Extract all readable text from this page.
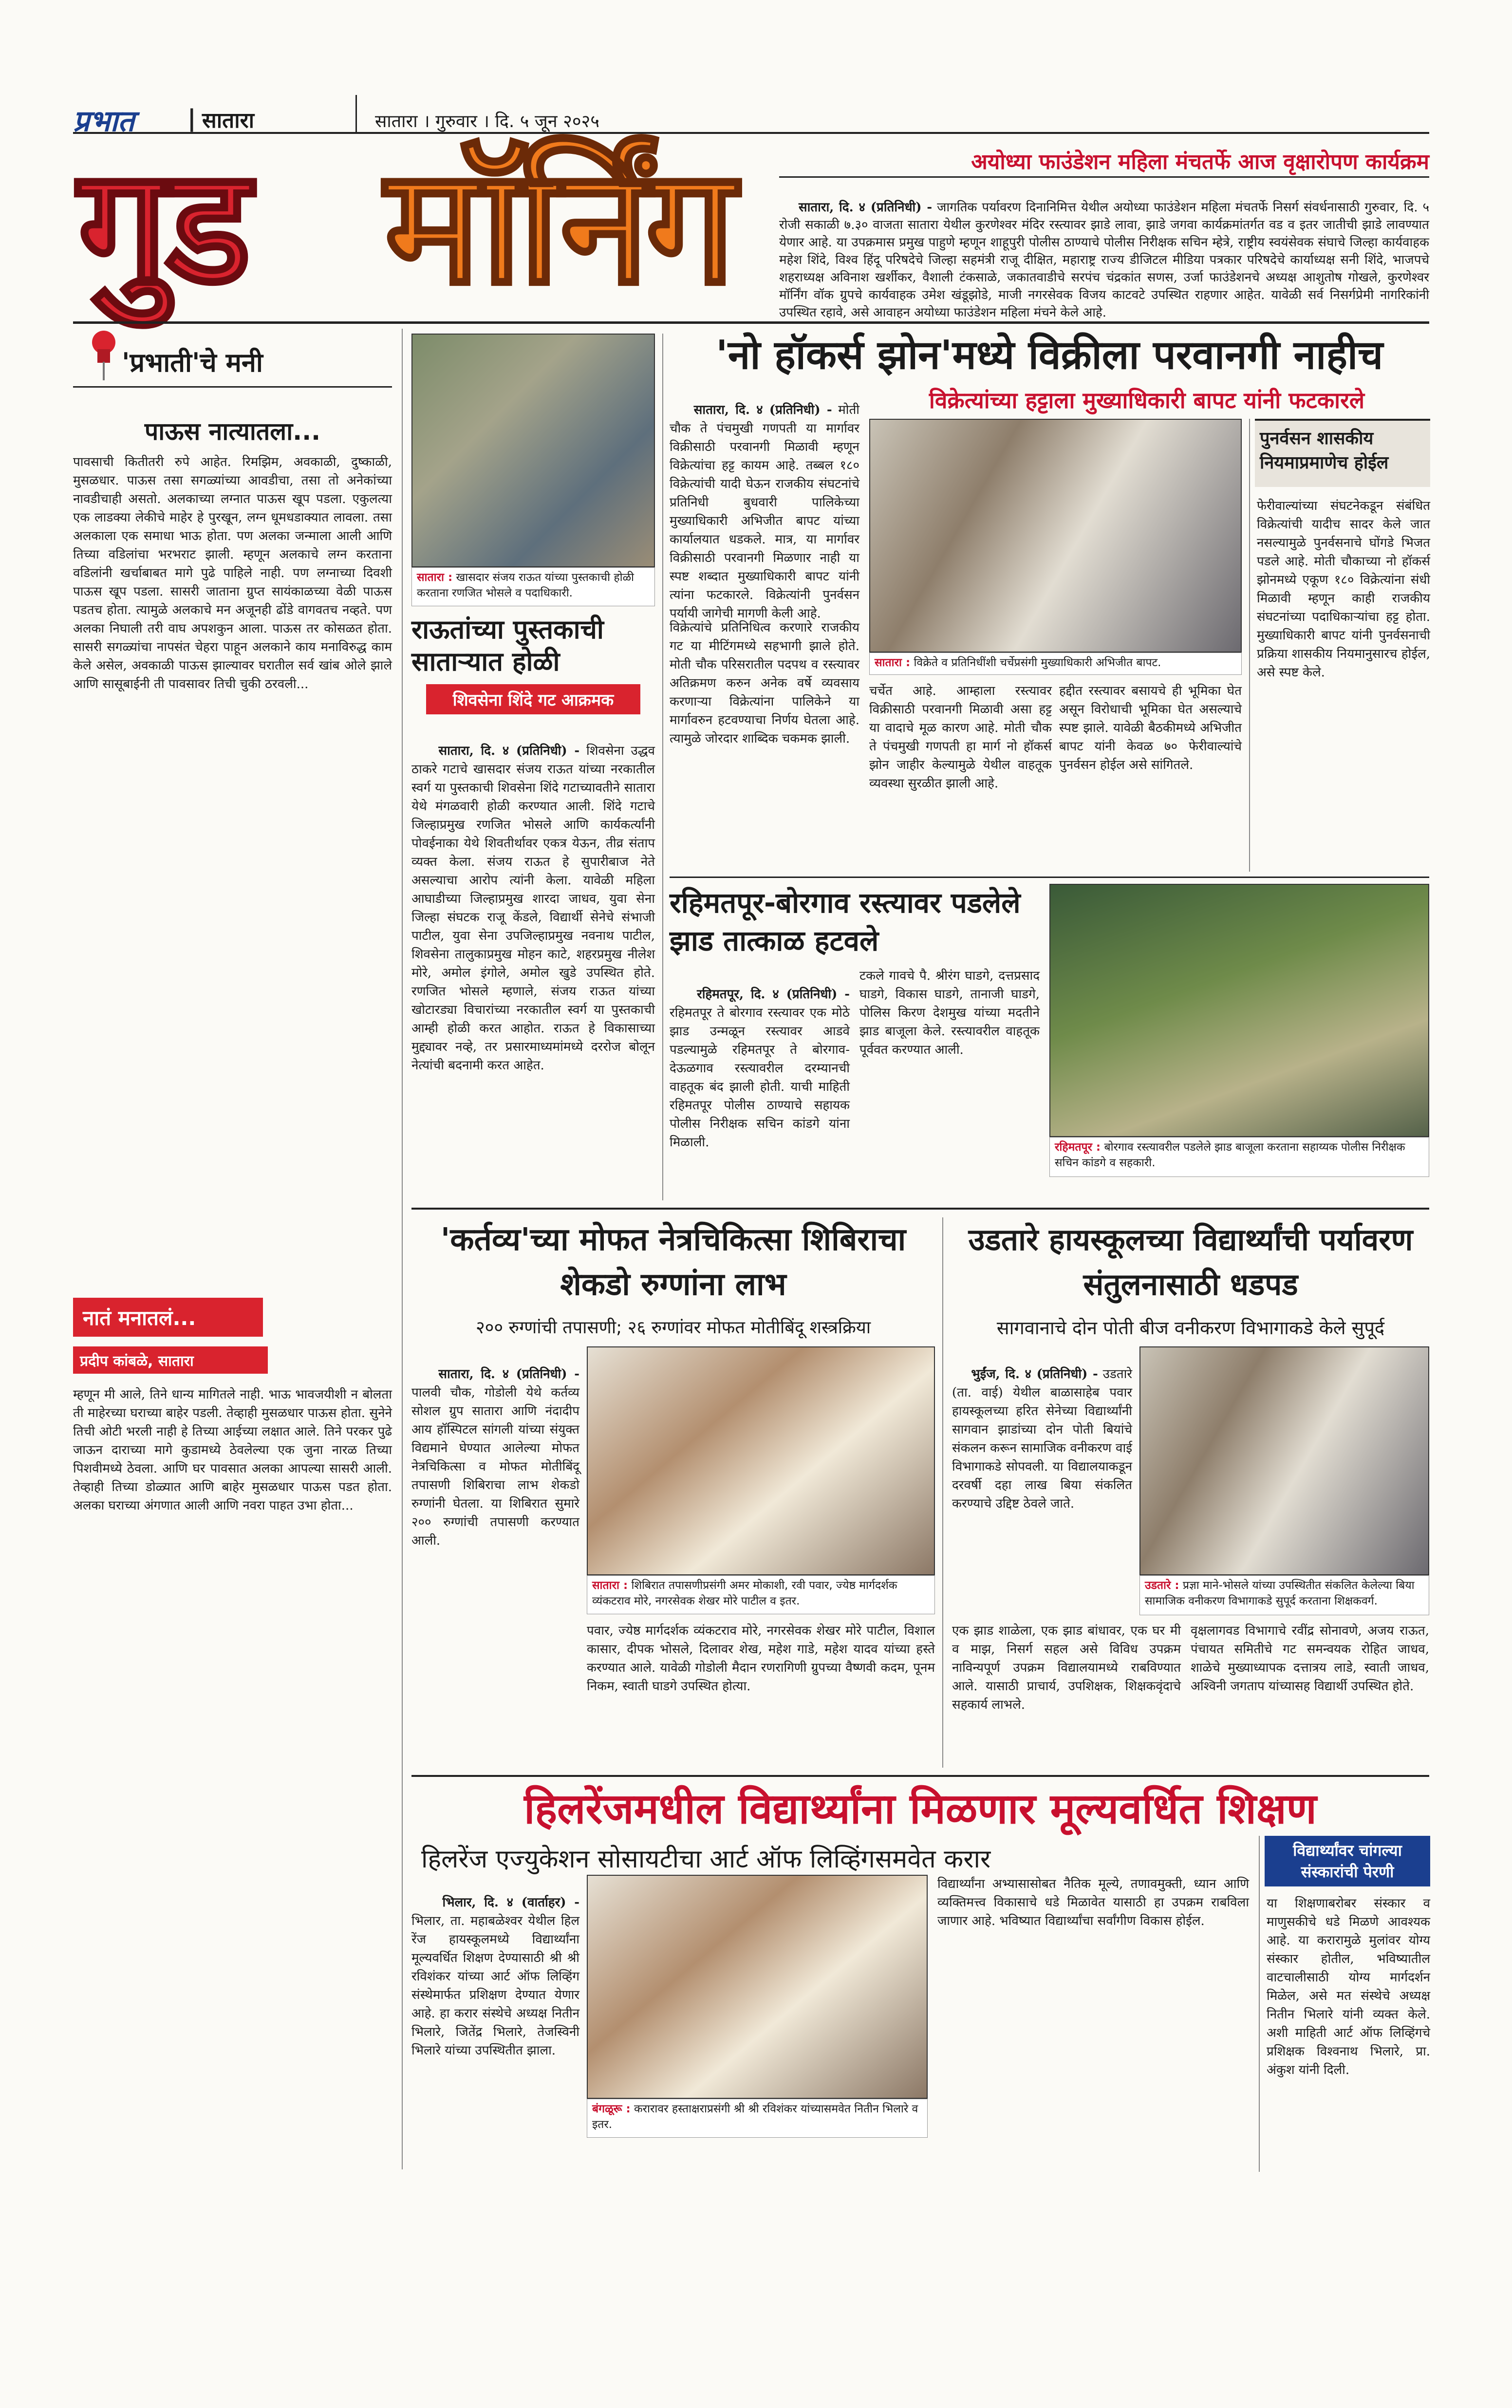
प्रभात | सातारा	सातारा । गुरुवार । दि. ५ जून २०२५
गुड मॉर्निंग	अयोध्या फाउंडेशन महिला मंचतर्फे आज वृक्षारोपण कार्यक्रम

सातारा, दि. ४ (प्रतिनिधी) - जागतिक पर्यावरण दिनानिमित्त येथील अयोध्या फाउंडेशन महिला मंचतर्फे निसर्ग संवर्धनासाठी गुरुवार, दि. ५ रोजी सकाळी ७.३० वाजता सातारा येथील कुरणेश्वर मंदिर रस्त्यावर झाडे लावा, झाडे जगवा कार्यक्रमांतर्गत वड व इतर जातीची झाडे लावण्यात येणार आहे. या उपक्रमास प्रमुख पाहुणे म्हणून शाहूपुरी पोलीस ठाण्याचे पोलीस निरीक्षक सचिन म्हेत्रे, राष्ट्रीय स्वयंसेवक संघाचे जिल्हा कार्यवाहक महेश शिंदे, विश्व हिंदू परिषदेचे जिल्हा सहमंत्री राजू दीक्षित, महाराष्ट्र राज्य डीजिटल मीडिया पत्रकार परिषदेचे कार्याध्यक्ष सनी शिंदे, भाजपचे शहराध्यक्ष अविनाश खर्शीकर, वैशाली टंकसाळे, जकातवाडीचे सरपंच चंद्रकांत सणस, उर्जा फाउंडेशनचे अध्यक्ष आशुतोष गोखले, कुरणेश्वर मॉर्निंग वॉक ग्रुपचे कार्यवाहक उमेश खंडूझोडे, माजी नगरसेवक विजय काटवटे उपस्थित राहणार आहेत. यावेळी सर्व निसर्गप्रेमी नागरिकांनी उपस्थित रहावे, असे आवाहन अयोध्या फाउंडेशन महिला मंचने केले आहे.

'प्रभाती'चे मनी
पाऊस नात्यातला...
पावसाची कितीतरी रुपे आहेत. रिमझिम, अवकाळी, दुष्काळी, मुसळधार. पाऊस तसा सगळ्यांच्या आवडीचा, तसा तो अनेकांच्या नावडीचाही असतो. अलकाच्या लग्नात पाऊस खूप पडला. एकुलत्या एक लाडक्या लेकीचे माहेर हे पुरखून, लग्न धूमधडाक्यात लावला. तसा अलकाला एक समाधा भाऊ होता. पण अलका जन्माला आली आणि तिच्या वडिलांचा भरभराट झाली. म्हणून अलकाचे लग्न करताना वडिलांनी खर्चाबाबत मागे पुढे पाहिले नाही. पण लग्नाच्या दिवशी पाऊस खूप पडला. सासरी जाताना ग्रुप्त सायंकाळच्या वेळी पाऊस पडतच होता. त्यामुळे अलकाचे मन अजूनही ढोंडे वागवतच नव्हते. पण अलका निघाली तरी वाघ अपशकुन आला. पाऊस तर कोसळत होता. सासरी सगळ्यांचा नापसंत चेहरा पाहून अलकाने काय मनाविरुद्ध काम केले असेल, अवकाळी पाऊस झाल्यावर घरातील सर्व खांब ओले झाले आणि सासूबाईनी ती पावसावर तिची चुकी ठरवली...
नातं मनातलं...
प्रदीप कांबळे, सातारा
म्हणून मी आले, तिने धान्य मागितले नाही. भाऊ भावजयीशी न बोलता ती माहेरच्या घराच्या बाहेर पडली. तेव्हाही मुसळधार पाऊस होता. सुनेने तिची ओटी भरली नाही हे तिच्या आईच्या लक्षात आले. तिने परकर पुढे जाऊन दाराच्या मागे कुडामध्ये ठेवलेल्या एक जुना नारळ तिच्या पिशवीमध्ये ठेवला. आणि घर पावसात अलका आपल्या सासरी आली. तेव्हाही तिच्या डोळ्यात आणि बाहेर मुसळधार पाऊस पडत होता. अलका घराच्या अंगणात आली आणि नवरा पाहत उभा होता...
सातारा : खासदार संजय राऊत यांच्या पुस्तकाची होळी करताना रणजित भोसले व पदाधिकारी.
राऊतांच्या पुस्तकाची साताऱ्यात होळी
शिवसेना शिंदे गट आक्रमक

सातारा, दि. ४ (प्रतिनिधी) - शिवसेना उद्धव ठाकरे गटाचे खासदार संजय राऊत यांच्या नरकातील स्वर्ग या पुस्तकाची शिवसेना शिंदे गटाच्यावतीने सातारा येथे मंगळवारी होळी करण्यात आली. शिंदे गटाचे जिल्हाप्रमुख रणजित भोसले आणि कार्यकर्त्यांनी पोवईनाका येथे शिवतीर्थावर एकत्र येऊन, तीव्र संताप व्यक्त केला. संजय राऊत हे सुपारीबाज नेते असल्याचा आरोप त्यांनी केला. यावेळी महिला आघाडीच्या जिल्हाप्रमुख शारदा जाधव, युवा सेना जिल्हा संघटक राजू केंडले, विद्यार्थी सेनेचे संभाजी पाटील, युवा सेना उपजिल्हाप्रमुख नवनाथ पाटील, शिवसेना तालुकाप्रमुख मोहन काटे, शहरप्रमुख नीलेश मोरे, अमोल इंगोले, अमोल खुडे उपस्थित होते. रणजित भोसले म्हणाले, संजय राऊत यांच्या खोटारड्या विचारांच्या नरकातील स्वर्ग या पुस्तकाची आम्ही होळी करत आहोत. राऊत हे विकासाच्या मुद्द्यावर नव्हे, तर प्रसारमाध्यमांमध्ये दररोज बोलून नेत्यांची बदनामी करत आहेत.

'नो हॉकर्स झोन'मध्ये विक्रीला परवानगी नाहीच

सातारा, दि. ४ (प्रतिनिधी) - मोती चौक ते पंचमुखी गणपती या मार्गावर विक्रीसाठी परवानगी मिळावी म्हणून विक्रेत्यांचा हट्ट कायम आहे. तब्बल १८० विक्रेत्यांची यादी घेऊन राजकीय संघटनांचे प्रतिनिधी बुधवारी पालिकेच्या मुख्याधिकारी अभिजीत बापट यांच्या कार्यालयात धडकले. मात्र, या मार्गावर विक्रीसाठी परवानगी मिळणार नाही या स्पष्ट शब्दात मुख्याधिकारी बापट यांनी त्यांना फटकारले. विक्रेत्यांनी पुनर्वसन पर्यायी जागेची मागणी केली आहे.

विक्रेत्यांच्या हट्टाला मुख्याधिकारी बापट यांनी फटकारले
सातारा : विक्रेते व प्रतिनिधींशी चर्चेप्रसंगी मुख्याधिकारी अभिजीत बापट.
विक्रेत्यांचे प्रतिनिधित्व करणारे राजकीय गट या मीटिंगमध्ये सहभागी झाले होते. मोती चौक परिसरातील पदपथ व रस्त्यावर अतिक्रमण करुन अनेक वर्षे व्यवसाय करणाऱ्या विक्रेत्यांना पालिकेने या मार्गावरुन हटवण्याचा निर्णय घेतला आहे. त्यामुळे जोरदार शाब्दिक चकमक झाली.
चर्चेत आहे. आम्हाला रस्त्यावर विक्रीसाठी परवानगी मिळावी असा हट्ट या वादाचे मूळ कारण आहे. मोती चौक ते पंचमुखी गणपती हा मार्ग नो हॉकर्स झोन जाहीर केल्यामुळे येथील वाहतूक व्यवस्था सुरळीत झाली आहे.
हद्दीत रस्त्यावर बसायचे ही भूमिका घेत असून विरोधाची भूमिका घेत असल्याचे स्पष्ट झाले. यावेळी बैठकीमध्ये अभिजीत बापट यांनी केवळ ७० फेरीवाल्यांचे पुनर्वसन होईल असे सांगितले.
पुनर्वसन शासकीय नियमाप्रमाणेच होईल
फेरीवाल्यांच्या संघटनेकडून संबंधित विक्रेत्यांची यादीच सादर केले जात नसल्यामुळे पुनर्वसनाचे घोंगडे भिजत पडले आहे. मोती चौकाच्या नो हॉकर्स झोनमध्ये एकूण १८० विक्रेत्यांना संधी मिळावी म्हणून काही राजकीय संघटनांच्या पदाधिकाऱ्यांचा हट्ट होता. मुख्याधिकारी बापट यांनी पुनर्वसनाची प्रक्रिया शासकीय नियमानुसारच होईल, असे स्पष्ट केले.
रहिमतपूर-बोरगाव रस्त्यावर पडलेले झाड तात्काळ हटवले

रहिमतपूर, दि. ४ (प्रतिनिधी) - रहिमतपूर ते बोरगाव रस्त्यावर एक मोठे झाड उन्मळून रस्त्यावर आडवे पडल्यामुळे रहिमतपूर ते बोरगाव-देऊळगाव रस्त्यावरील दरम्यानची वाहतूक बंद झाली होती. याची माहिती रहिमतपूर पोलीस ठाण्याचे सहायक पोलीस निरीक्षक सचिन कांडगे यांना मिळाली.

टकले गावचे पै. श्रीरंग घाडगे, दत्तप्रसाद घाडगे, विकास घाडगे, तानाजी घाडगे, पोलिस किरण देशमुख यांच्या मदतीने झाड बाजूला केले. रस्त्यावरील वाहतूक पूर्ववत करण्यात आली.
रहिमतपूर : बोरगाव रस्त्यावरील पडलेले झाड बाजूला करताना सहाय्यक पोलीस निरीक्षक सचिन कांडगे व सहकारी.
'कर्तव्य'च्या मोफत नेत्रचिकित्सा शिबिराचा शेकडो रुग्णांना लाभ
२०० रुग्णांची तपासणी; २६ रुग्णांवर मोफत मोतीबिंदू शस्त्रक्रिया

सातारा, दि. ४ (प्रतिनिधी) - पालवी चौक, गोडोली येथे कर्तव्य सोशल ग्रुप सातारा आणि नंदादीप आय हॉस्पिटल सांगली यांच्या संयुक्त विद्यमाने घेण्यात आलेल्या मोफत नेत्रचिकित्सा व मोफत मोतीबिंदू तपासणी शिबिराचा लाभ शेकडो रुग्णांनी घेतला. या शिबिरात सुमारे २०० रुग्णांची तपासणी करण्यात आली.

सातारा : शिबिरात तपासणीप्रसंगी अमर मोकाशी, रवी पवार, ज्येष्ठ मार्गदर्शक व्यंकटराव मोरे, नगरसेवक शेखर मोरे पाटील व इतर.
पवार, ज्येष्ठ मार्गदर्शक व्यंकटराव मोरे, नगरसेवक शेखर मोरे पाटील, विशाल कासार, दीपक भोसले, दिलावर शेख, महेश गाडे, महेश यादव यांच्या हस्ते करण्यात आले. यावेळी गोडोली मैदान रणरागिणी ग्रुपच्या वैष्णवी कदम, पूनम निकम, स्वाती घाडगे उपस्थित होत्या.
उडतारे हायस्कूलच्या विद्यार्थ्यांची पर्यावरण संतुलनासाठी धडपड
सागवानाचे दोन पोती बीज वनीकरण विभागाकडे केले सुपूर्द

भुईंज, दि. ४ (प्रतिनिधी) - उडतारे (ता. वाई) येथील बाळासाहेब पवार हायस्कूलच्या हरित सेनेच्या विद्यार्थ्यांनी सागवान झाडांच्या दोन पोती बियांचे संकलन करून सामाजिक वनीकरण वाई विभागाकडे सोपवली. या विद्यालयाकडून दरवर्षी दहा लाख बिया संकलित करण्याचे उद्दिष्ट ठेवले जाते.

उडतारे : प्रज्ञा माने-भोसले यांच्या उपस्थितीत संकलित केलेल्या बिया सामाजिक वनीकरण विभागाकडे सुपूर्द करताना शिक्षकवर्ग.
एक झाड शाळेला, एक झाड बांधावर, एक घर मी व माझ, निसर्ग सहल असे विविध उपक्रम नाविन्यपूर्ण उपक्रम विद्यालयामध्ये राबविण्यात आले. यासाठी प्राचार्य, उपशिक्षक, शिक्षकवृंदाचे सहकार्य लाभले.
वृक्षलागवड विभागाचे रवींद्र सोनावणे, अजय राऊत, पंचायत समितीचे गट समन्वयक रोहित जाधव, शाळेचे मुख्याध्यापक दत्तात्रय लाडे, स्वाती जाधव, अश्विनी जगताप यांच्यासह विद्यार्थी उपस्थित होते.
हिलरेंजमधील विद्यार्थ्यांना मिळणार मूल्यवर्धित शिक्षण
हिलरेंज एज्युकेशन सोसायटीचा आर्ट ऑफ लिव्हिंगसमवेत करार

भिलार, दि. ४ (वार्ताहर) - भिलार, ता. महाबळेश्वर येथील हिल रेंज हायस्कूलमध्ये विद्यार्थ्यांना मूल्यवर्धित शिक्षण देण्यासाठी श्री श्री रविशंकर यांच्या आर्ट ऑफ लिव्हिंग संस्थेमार्फत प्रशिक्षण देण्यात येणार आहे. हा करार संस्थेचे अध्यक्ष नितीन भिलारे, जितेंद्र भिलारे, तेजस्विनी भिलारे यांच्या उपस्थितीत झाला.

बंगळूरू : करारावर हस्ताक्षराप्रसंगी श्री श्री रविशंकर यांच्यासमवेत नितीन भिलारे व इतर.
विद्यार्थ्यांना अभ्यासासोबत नैतिक मूल्ये, तणावमुक्ती, ध्यान आणि व्यक्तिमत्त्व विकासाचे धडे मिळावेत यासाठी हा उपक्रम राबविला जाणार आहे. भविष्यात विद्यार्थ्यांचा सर्वांगीण विकास होईल.
विद्यार्थ्यांवर चांगल्या संस्कारांची पेरणी
या शिक्षणाबरोबर संस्कार व माणुसकीचे धडे मिळणे आवश्यक आहे. या करारामुळे मुलांवर योग्य संस्कार होतील, भविष्यातील वाटचालीसाठी योग्य मार्गदर्शन मिळेल, असे मत संस्थेचे अध्यक्ष नितीन भिलारे यांनी व्यक्त केले. अशी माहिती आर्ट ऑफ लिव्हिंगचे प्रशिक्षक विश्वनाथ भिलारे, प्रा. अंकुश यांनी दिली.
